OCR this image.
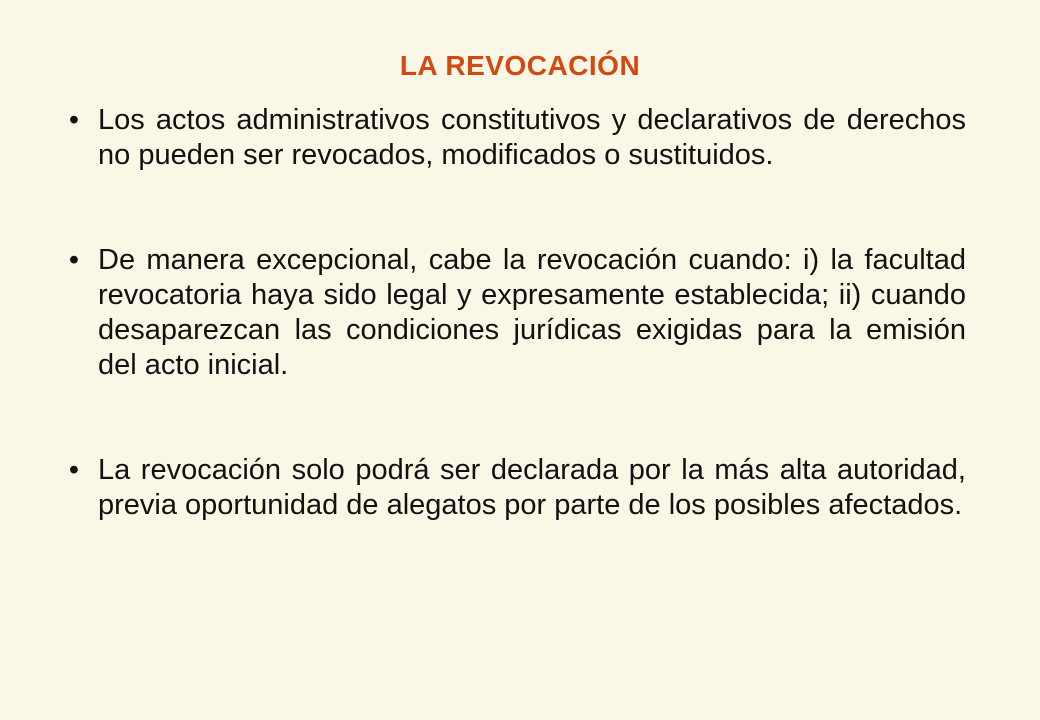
LA REVOCACIÓN
• Los actos administrativos constitutivos y declarativos de derechos no pueden ser revocados, modificados o sustituidos.
• De manera excepcional, cabe la revocación cuando: i) la facultad revocatoria haya sido legal y expresamente establecida; ii) cuando desaparezcan las condiciones jurídicas exigidas para la emisión del acto inicial.
• La revocación solo podrá ser declarada por la más alta autoridad, previa oportunidad de alegatos por parte de los posibles afectados.
